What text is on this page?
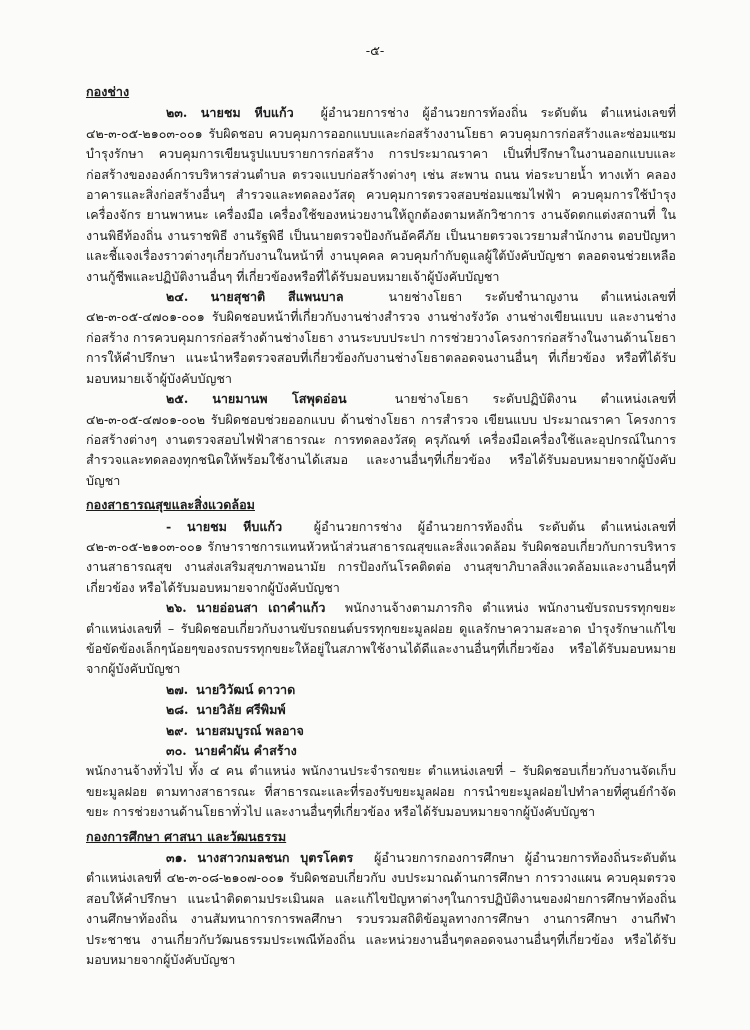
-๕-
กองช่าง

๒๓. นายชม หีบแก้ว ผู้อำนวยการช่าง ผู้อำนวยการท้องถิ่น ระดับต้น ตำแหน่งเลขที่ ๔๒-๓-๐๕-๒๑๐๓-๐๐๑ รับผิดชอบ ควบคุมการออกแบบและก่อสร้างงานโยธา ควบคุมการก่อสร้างและซ่อมแซมบำรุงรักษา ควบคุมการเขียนรูปแบบรายการก่อสร้าง การประมาณราคา เป็นที่ปรึกษาในงานออกแบบและก่อสร้างขององค์การบริหารส่วนตำบล ตรวจแบบก่อสร้างต่างๆ เช่น สะพาน ถนน ท่อระบายน้ำ ทางเท้า คลอง อาคารและสิ่งก่อสร้างอื่นๆ สำรวจและทดลองวัสดุ ควบคุมการตรวจสอบซ่อมแซมไฟฟ้า ควบคุมการใช้บำรุงเครื่องจักร ยานพาหนะ เครื่องมือ เครื่องใช้ของหน่วยงานให้ถูกต้องตามหลักวิชาการ งานจัดตกแต่งสถานที่ ในงานพิธีท้องถิ่น งานราชพิธี งานรัฐพิธี เป็นนายตรวจป้องกันอัคคีภัย เป็นนายตรวจเวรยามสำนักงาน ตอบปัญหาและชี้แจงเรื่องราวต่างๆเกี่ยวกับงานในหน้าที่ งานบุคคล ควบคุมกำกับดูแลผู้ใต้บังคับบัญชา ตลอดจนช่วยเหลืองานกู้ชีพและปฏิบัติงานอื่นๆ ที่เกี่ยวข้องหรือที่ได้รับมอบหมายเจ้าผู้บังคับบัญชา

๒๔. นายสุชาติ สีแพนบาล	นายช่างโยธา ระดับชำนาญงาน ตำแหน่งเลขที่ ๔๒-๓-๐๕-๔๗๐๑-๐๐๑ รับผิดชอบหน้าที่เกี่ยวกับงานช่างสำรวจ งานช่างรังวัด งานช่างเขียนแบบ และงานช่างก่อสร้าง การควบคุมการก่อสร้างด้านช่างโยธา งานระบบประปา การช่วยวางโครงการก่อสร้างในงานด้านโยธา การให้คำปรึกษา แนะนำหรือตรวจสอบที่เกี่ยวข้องกับงานช่างโยธาตลอดจนงานอื่นๆ ที่เกี่ยวข้อง หรือที่ได้รับมอบหมายเจ้าผู้บังคับบัญชา

๒๕. นายมานพ โสพุดอ่อน	นายช่างโยธา ระดับปฏิบัติงาน ตำแหน่งเลขที่ ๔๒-๓-๐๕-๔๗๐๑-๐๐๒ รับผิดชอบช่วยออกแบบ ด้านช่างโยธา การสำรวจ เขียนแบบ ประมาณราคา โครงการก่อสร้างต่างๆ งานตรวจสอบไฟฟ้าสาธารณะ การทดลองวัสดุ ครุภัณฑ์ เครื่องมือเครื่องใช้และอุปกรณ์ในการสำรวจและทดลองทุกชนิดให้พร้อมใช้งานได้เสมอ และงานอื่นๆที่เกี่ยวข้อง หรือได้รับมอบหมายจากผู้บังคับบัญชา

กองสาธารณสุขและสิ่งแวดล้อม

- นายชม หีบแก้ว	ผู้อำนวยการช่าง ผู้อำนวยการท้องถิ่น ระดับต้น ตำแหน่งเลขที่ ๔๒-๓-๐๕-๒๑๐๓-๐๐๑ รักษาราชการแทนหัวหน้าส่วนสาธารณสุขและสิ่งแวดล้อม รับผิดชอบเกี่ยวกับการบริหารงานสาธารณสุข งานส่งเสริมสุขภาพอนามัย การป้องกันโรคติดต่อ งานสุขาภิบาลสิ่งแวดล้อมและงานอื่นๆที่เกี่ยวข้อง หรือได้รับมอบหมายจากผู้บังคับบัญชา

๒๖. นายอ่อนสา เถาคำแก้ว พนักงานจ้างตามภารกิจ ตำแหน่ง พนักงานขับรถบรรทุกขยะ ตำแหน่งเลขที่ – รับผิดชอบเกี่ยวกับงานขับรถยนต์บรรทุกขยะมูลฝอย ดูแลรักษาความสะอาด บำรุงรักษาแก้ไขข้อขัดข้องเล็กๆน้อยๆของรถบรรทุกขยะให้อยู่ในสภาพใช้งานได้ดีและงานอื่นๆที่เกี่ยวข้อง หรือได้รับมอบหมายจากผู้บังคับบัญชา

๒๗. นายวิวัฒน์ ดาวาด
๒๘. นายวิลัย ศรีพิมพ์
๒๙. นายสมบูรณ์ พลอาจ
๓๐. นายคำผัน คำสร้าง

พนักงานจ้างทั่วไป ทั้ง ๔ คน ตำแหน่ง พนักงานประจำรถขยะ ตำแหน่งเลขที่ – รับผิดชอบเกี่ยวกับงานจัดเก็บขยะมูลฝอย ตามทางสาธารณะ ที่สาธารณะและที่รองรับขยะมูลฝอย การนำขยะมูลฝอยไปทำลายที่ศูนย์กำจัดขยะ การช่วยงานด้านโยธาทั่วไป และงานอื่นๆที่เกี่ยวข้อง หรือได้รับมอบหมายจากผู้บังคับบัญชา

กองการศึกษา ศาสนา และวัฒนธรรม

๓๑. นางสาวกมลชนก บุตรโคตร ผู้อำนวยการกองการศึกษา ผู้อำนวยการท้องถิ่นระดับต้น ตำแหน่งเลขที่ ๔๒-๓-๐๘-๒๑๐๗-๐๐๑ รับผิดชอบเกี่ยวกับ งบประมาณด้านการศึกษา การวางแผน ควบคุมตรวจสอบให้คำปรึกษา แนะนำติดตามประเมินผล และแก้ไขปัญหาต่างๆในการปฏิบัติงานของฝ่ายการศึกษาท้องถิ่นงานศึกษาท้องถิ่น งานสัมทนาการการพลศึกษา รวบรวมสถิติข้อมูลทางการศึกษา งานการศึกษา งานกีฬาประชาชน งานเกี่ยวกับวัฒนธรรมประเพณีท้องถิ่น และหน่วยงานอื่นๆตลอดจนงานอื่นๆที่เกี่ยวข้อง หรือได้รับมอบหมายจากผู้บังคับบัญชา
